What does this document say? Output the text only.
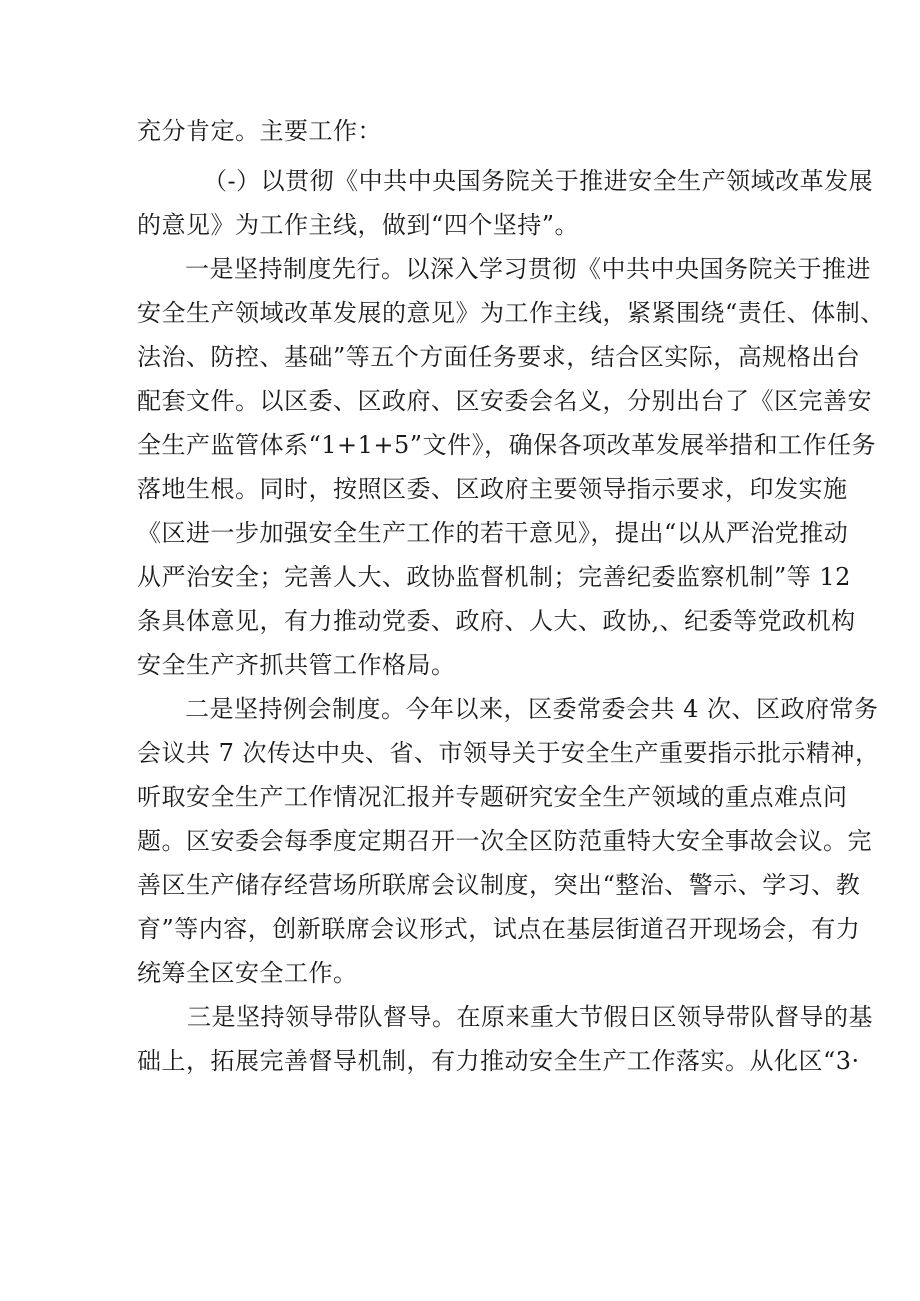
充分肯定。主要工作：

（-）以贯彻《中共中央国务院关于推进安全生产领域改革发展

的意见》为工作主线，做到“四个坚持”。

一是坚持制度先行。以深入学习贯彻《中共中央国务院关于推进

安全生产领域改革发展的意见》为工作主线，紧紧围绕“责任、体制、

法治、防控、基础”等五个方面任务要求，结合区实际，高规格出台

配套文件。以区委、区政府、区安委会名义，分别出台了《区完善安

全生产监管体系“1+1+5”文件》，确保各项改革发展举措和工作任务

落地生根。同时，按照区委、区政府主要领导指示要求，印发实施

《区进一步加强安全生产工作的若干意见》，提出“以从严治党推动

从严治安全；完善人大、政协监督机制；完善纪委监察机制”等 12

条具体意见，有力推动党委、政府、人大、政协,、纪委等党政机构

安全生产齐抓共管工作格局。

二是坚持例会制度。今年以来，区委常委会共 4 次、区政府常务

会议共 7 次传达中央、省、市领导关于安全生产重要指示批示精神，

听取安全生产工作情况汇报并专题研究安全生产领域的重点难点问

题。区安委会每季度定期召开一次全区防范重特大安全事故会议。完

善区生产储存经营场所联席会议制度，突出“整治、警示、学习、教

育”等内容，创新联席会议形式，试点在基层街道召开现场会，有力

统筹全区安全工作。

三是坚持领导带队督导。在原来重大节假日区领导带队督导的基

础上，拓展完善督导机制，有力推动安全生产工作落实。从化区“3·
